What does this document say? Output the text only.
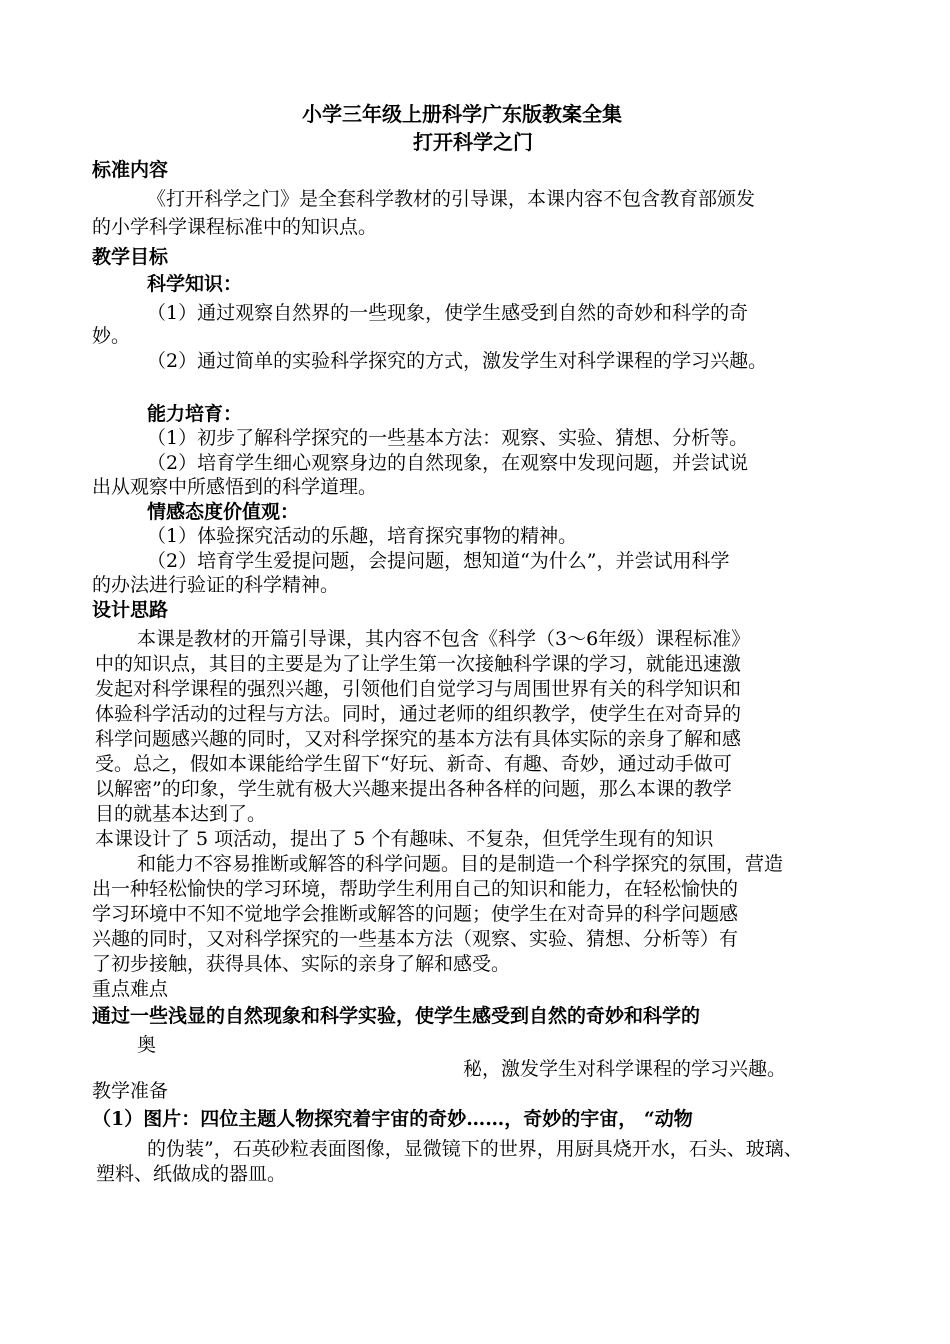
小学三年级上册科学广东版教案全集
打开科学之门
标准内容
《打开科学之门》是全套科学教材的引导课，本课内容不包含教育部颁发
的小学科学课程标准中的知识点。
教学目标
科学知识：
（1）通过观察自然界的一些现象，使学生感受到自然的奇妙和科学的奇
妙。
（2）通过简单的实验科学探究的方式，激发学生对科学课程的学习兴趣。
能力培育：
（1）初步了解科学探究的一些基本方法：观察、实验、猜想、分析等。
（2）培育学生细心观察身边的自然现象，在观察中发现问题，并尝试说
出从观察中所感悟到的科学道理。
情感态度价值观：
（1）体验探究活动的乐趣，培育探究事物的精神。
（2）培育学生爱提问题，会提问题，想知道“为什么”，并尝试用科学
的办法进行验证的科学精神。
设计思路
本课是教材的开篇引导课，其内容不包含《科学（3～6年级）课程标准》
中的知识点，其目的主要是为了让学生第一次接触科学课的学习，就能迅速激
发起对科学课程的强烈兴趣，引领他们自觉学习与周围世界有关的科学知识和
体验科学活动的过程与方法。同时，通过老师的组织教学，使学生在对奇异的
科学问题感兴趣的同时，又对科学探究的基本方法有具体实际的亲身了解和感
受。总之，假如本课能给学生留下“好玩、新奇、有趣、奇妙，通过动手做可
以解密”的印象，学生就有极大兴趣来提出各种各样的问题，那么本课的教学
目的就基本达到了。
本课设计了 5 项活动，提出了 5 个有趣味、不复杂，但凭学生现有的知识
和能力不容易推断或解答的科学问题。目的是制造一个科学探究的氛围，营造
出一种轻松愉快的学习环境，帮助学生利用自己的知识和能力，在轻松愉快的
学习环境中不知不觉地学会推断或解答的问题；使学生在对奇异的科学问题感
兴趣的同时，又对科学探究的一些基本方法（观察、实验、猜想、分析等）有
了初步接触，获得具体、实际的亲身了解和感受。
重点难点
通过一些浅显的自然现象和科学实验，使学生感受到自然的奇妙和科学的
奥
秘，激发学生对科学课程的学习兴趣。
教学准备
（1）图片：四位主题人物探究着宇宙的奇妙……，奇妙的宇宙， “动物
的伪装”，石英砂粒表面图像，显微镜下的世界，用厨具烧开水，石头、玻璃、
塑料、纸做成的器皿。
